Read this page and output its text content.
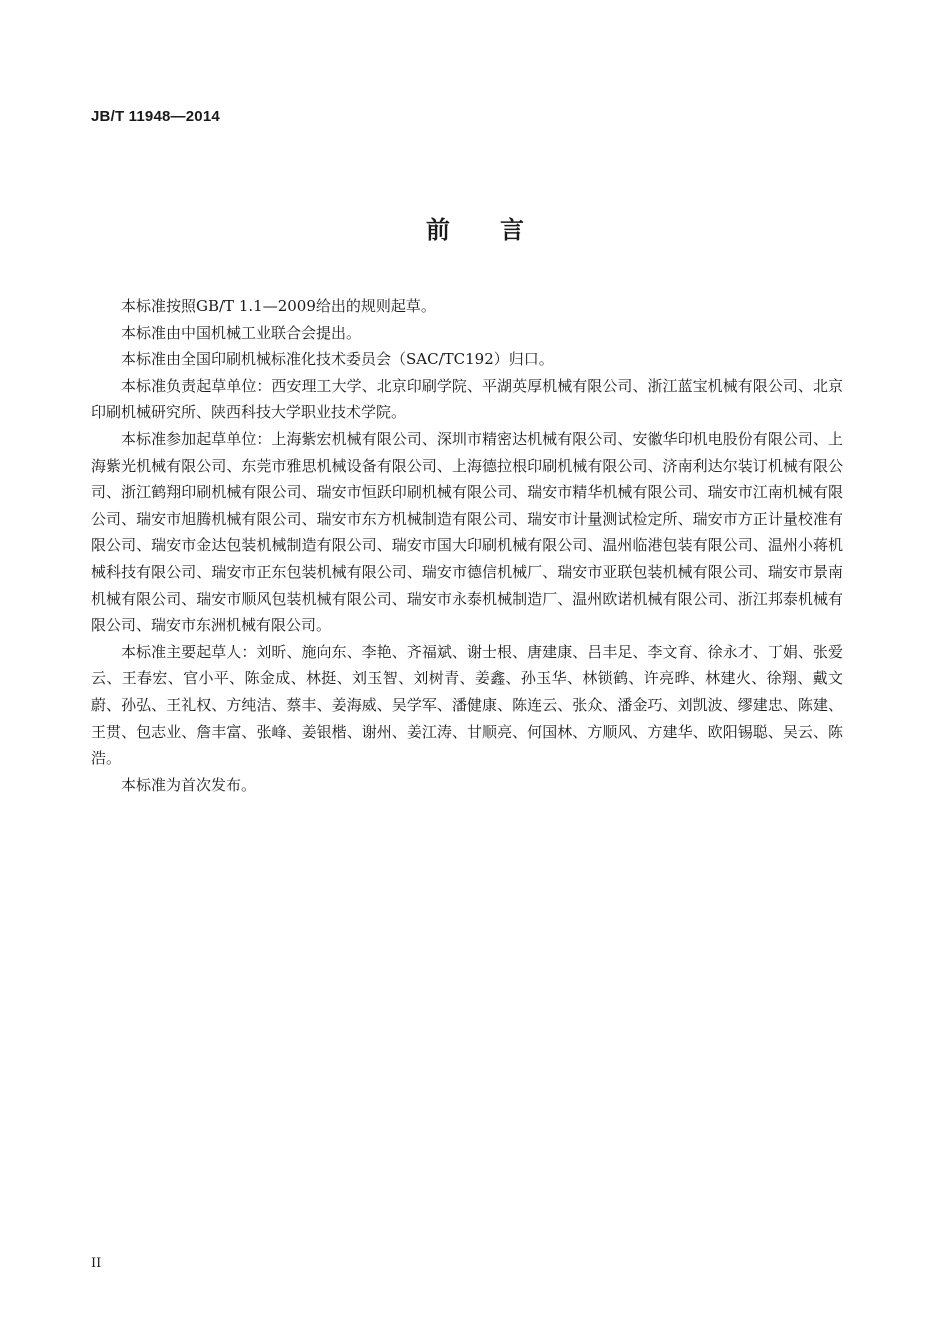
JB/T 11948—2014
前 言

本标准按照GB/T 1.1—2009给出的规则起草。

本标准由中国机械工业联合会提出。

本标准由全国印刷机械标准化技术委员会（SAC/TC192）归口。

本标准负责起草单位：西安理工大学、北京印刷学院、平湖英厚机械有限公司、浙江蓝宝机械有限公司、北京印刷机械研究所、陕西科技大学职业技术学院。

本标准参加起草单位：上海紫宏机械有限公司、深圳市精密达机械有限公司、安徽华印机电股份有限公司、上海紫光机械有限公司、东莞市雅思机械设备有限公司、上海德拉根印刷机械有限公司、济南利达尔装订机械有限公司、浙江鹤翔印刷机械有限公司、瑞安市恒跃印刷机械有限公司、瑞安市精华机械有限公司、瑞安市江南机械有限公司、瑞安市旭腾机械有限公司、瑞安市东方机械制造有限公司、瑞安市计量测试检定所、瑞安市方正计量校准有限公司、瑞安市金达包装机械制造有限公司、瑞安市国大印刷机械有限公司、温州临港包装有限公司、温州小蒋机械科技有限公司、瑞安市正东包装机械有限公司、瑞安市德信机械厂、瑞安市亚联包装机械有限公司、瑞安市景南机械有限公司、瑞安市顺风包装机械有限公司、瑞安市永泰机械制造厂、温州欧诺机械有限公司、浙江邦泰机械有限公司、瑞安市东洲机械有限公司。

本标准主要起草人：刘昕、施向东、李艳、齐福斌、谢士根、唐建康、吕丰足、李文育、徐永才、丁娟、张爱云、王春宏、官小平、陈金成、林挺、刘玉智、刘树青、姜鑫、孙玉华、林锁鹤、许亮晔、林建火、徐翔、戴文蔚、孙弘、王礼权、方纯洁、蔡丰、姜海威、吴学军、潘健康、陈连云、张众、潘金巧、刘凯波、缪建忠、陈建、王贯、包志业、詹丰富、张峰、姜银楷、谢州、姜江涛、甘顺亮、何国林、方顺风、方建华、欧阳锡聪、吴云、陈浩。

本标准为首次发布。

II
